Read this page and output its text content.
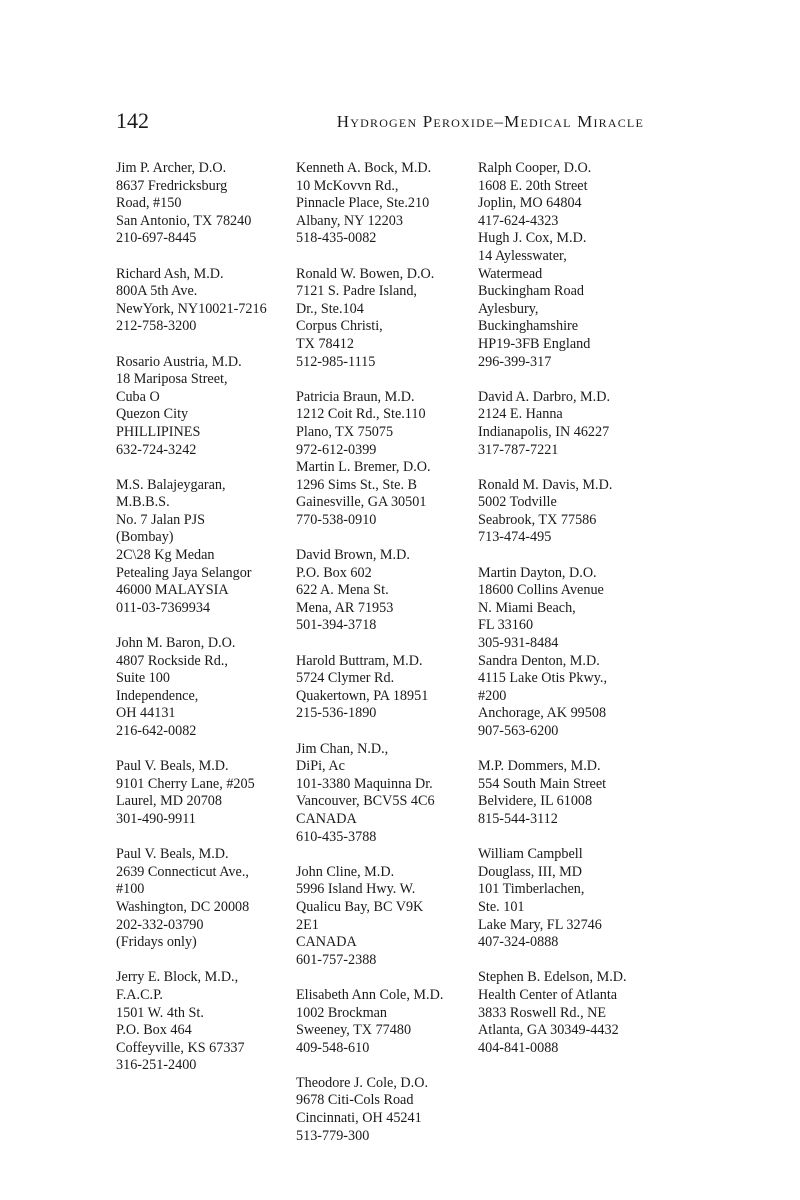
142	Hydrogen Peroxide–Medical Miracle
Jim P. Archer, D.O.
8637 Fredricksburg
Road, #150
San Antonio, TX 78240
210-697-8445
Richard Ash, M.D.
800A 5th Ave.
NewYork, NY10021-7216
212-758-3200
Rosario Austria, M.D.
18 Mariposa Street,
Cuba O
Quezon City
PHILLIPINES
632-724-3242
M.S. Balajeygaran,
M.B.B.S.
No. 7 Jalan PJS
(Bombay)
2C\28 Kg Medan
Petealing Jaya Selangor
46000 MALAYSIA
011-03-7369934
John M. Baron, D.O.
4807 Rockside Rd.,
Suite 100
Independence,
OH 44131
216-642-0082
Paul V. Beals, M.D.
9101 Cherry Lane, #205
Laurel, MD 20708
301-490-9911
Paul V. Beals, M.D.
2639 Connecticut Ave.,
#100
Washington, DC 20008
202-332-03790
(Fridays only)
Jerry E. Block, M.D.,
F.A.C.P.
1501 W. 4th St.
P.O. Box 464
Coffeyville, KS 67337
316-251-2400
Kenneth A. Bock, M.D.
10 McKovvn Rd.,
Pinnacle Place, Ste.210
Albany, NY 12203
518-435-0082
Ronald W. Bowen, D.O.
7121 S. Padre Island,
Dr., Ste.104
Corpus Christi,
TX 78412
512-985-1115
Patricia Braun, M.D.
1212 Coit Rd., Ste.110
Plano, TX 75075
972-612-0399
Martin L. Bremer, D.O.
1296 Sims St., Ste. B
Gainesville, GA 30501
770-538-0910
David Brown, M.D.
P.O. Box 602
622 A. Mena St.
Mena, AR 71953
501-394-3718
Harold Buttram, M.D.
5724 Clymer Rd.
Quakertown, PA 18951
215-536-1890
Jim Chan, N.D.,
DiPi, Ac
101-3380 Maquinna Dr.
Vancouver, BCV5S 4C6
CANADA
610-435-3788
John Cline, M.D.
5996 Island Hwy. W.
Qualicu Bay, BC V9K
2E1
CANADA
601-757-2388
Elisabeth Ann Cole, M.D.
1002 Brockman
Sweeney, TX 77480
409-548-610
Theodore J. Cole, D.O.
9678 Citi-Cols Road
Cincinnati, OH 45241
513-779-300
Ralph Cooper, D.O.
1608 E. 20th Street
Joplin, MO 64804
417-624-4323
Hugh J. Cox, M.D.
14 Aylesswater,
Watermead
Buckingham Road
Aylesbury,
Buckinghamshire
HP19-3FB England
296-399-317
David A. Darbro, M.D.
2124 E. Hanna
Indianapolis, IN 46227
317-787-7221
Ronald M. Davis, M.D.
5002 Todville
Seabrook, TX 77586
713-474-495
Martin Dayton, D.O.
18600 Collins Avenue
N. Miami Beach,
FL 33160
305-931-8484
Sandra Denton, M.D.
4115 Lake Otis Pkwy.,
#200
Anchorage, AK 99508
907-563-6200
M.P. Dommers, M.D.
554 South Main Street
Belvidere, IL 61008
815-544-3112
William Campbell
Douglass, III, MD
101 Timberlachen,
Ste. 101
Lake Mary, FL 32746
407-324-0888
Stephen B. Edelson, M.D.
Health Center of Atlanta
3833 Roswell Rd., NE
Atlanta, GA 30349-4432
404-841-0088
